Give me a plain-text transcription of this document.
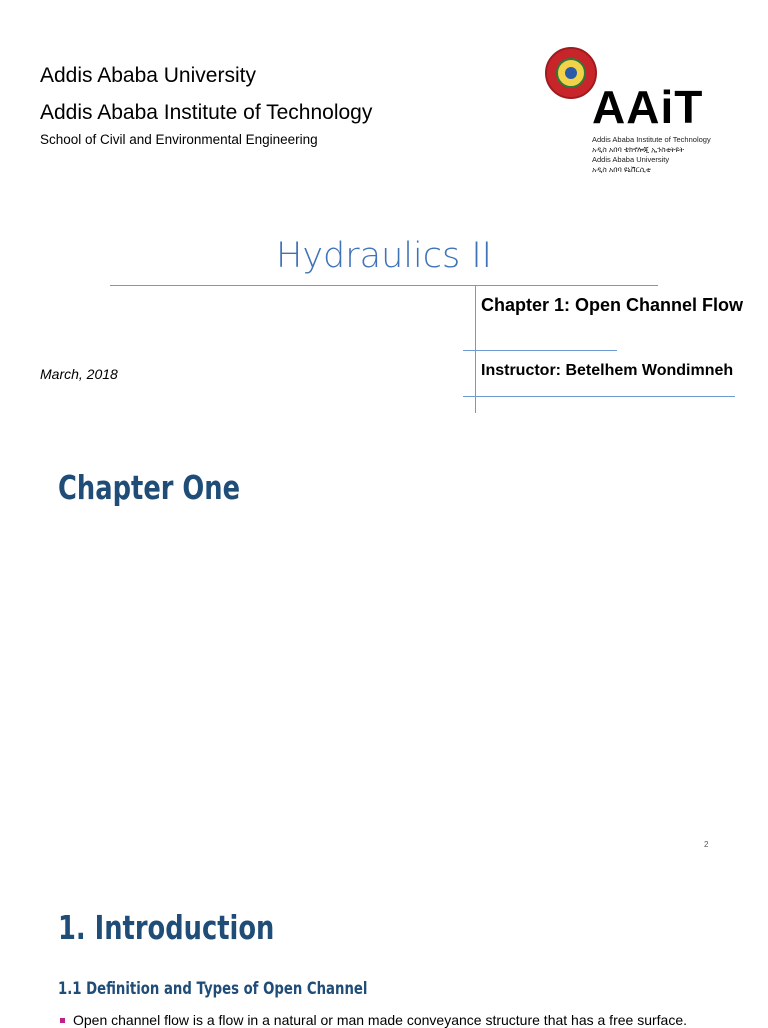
Addis Ababa University
Addis Ababa Institute of Technology
School of Civil and Environmental Engineering
AAiT
Addis Ababa Institute of Technology
አዲስ አበባ ቴክኖሎጂ ኢንስቲትዩት
Addis Ababa University
አዲስ አበባ ዩኒቨርሲቲ
Hydraulics II
Chapter 1: Open Channel Flow
Instructor: Betelhem Wondimneh
March, 2018
Chapter One
2
1. Introduction
1.1 Definition and Types of Open Channel
Open channel flow is a flow in a natural or man made conveyance structure that has a free surface.
